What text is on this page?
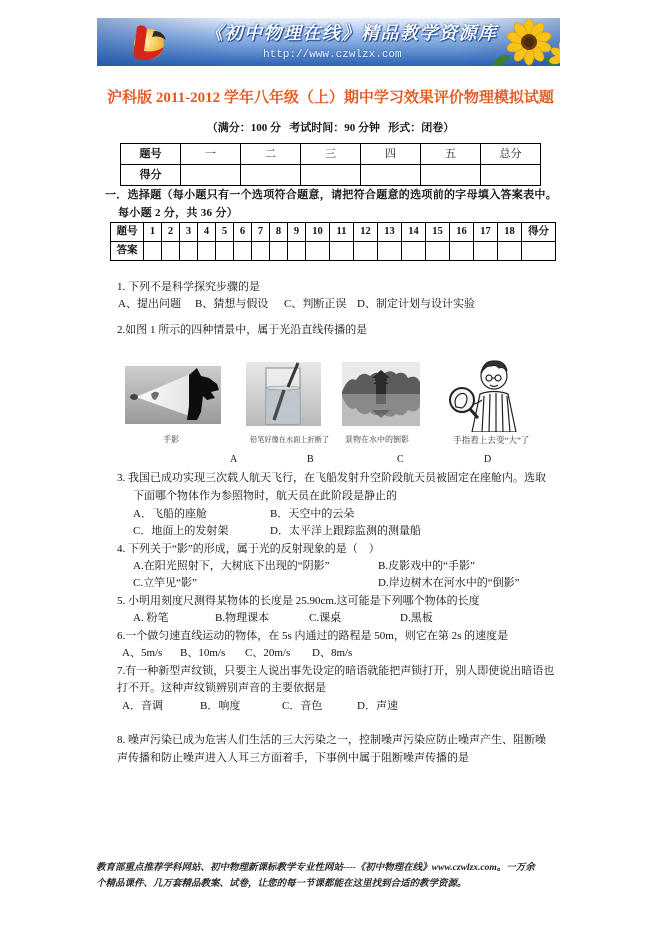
《初中物理在线》精品教学资源库
http://www.czwlzx.com
沪科版 2011-2012 学年八年级（上）期中学习效果评价物理模拟试题
（满分：100 分   考试时间：90 分钟   形式：闭卷）
题号	一	二	三	四	五	总分
得分						
一．选择题（每小题只有一个选项符合题意，请把符合题意的选项前的字母填入答案表中。
每小题 2 分，共 36 分）
题号	1	2	3	4	5	6	7	8	9	10	11	12	13	14	15	16	17	18	得分
答案																			
1. 下列不是科学探究步骤的是
A、提出问题 B、猜想与假设 C、判断正误 D、制定计划与设计实验
2.如图 1 所示的四种情景中，属于光沿直线传播的是
手影	铅笔好像在水面上折断了 景物在水中的倒影	手指看上去变“大”了
A	B	C	D
3. 我国已成功实现三次载人航天飞行，在飞船发射升空阶段航天员被固定在座舱内。选取
下面哪个物体作为参照物时，航天员在此阶段是静止的
A．飞船的座舱	B．天空中的云朵
C．地面上的发射架	D．太平洋上跟踪监测的测量船
4. 下列关于“影”的形成，属于光的反射现象的是（    ）
A.在阳光照射下，大树底下出现的“阴影”	B.皮影戏中的“手影”
C.立竿见“影”	D.岸边树木在河水中的“倒影”
5. 小明用刻度尺测得某物体的长度是 25.90cm.这可能是下列哪个物体的长度
A. 粉笔	B.物理课本	C.课桌	D.黑板
6.一个做匀速直线运动的物体，在 5s 内通过的路程是 50m，则它在第 2s 的速度是
A、5m/s B、10m/s C、20m/s D、8m/s
7.有一种新型声纹锁，只要主人说出事先设定的暗语就能把声锁打开，别人即使说出暗语也
打不开。这种声纹锁辨别声音的主要依据是
A．音调	B．响度	C．音色	D．声速
8. 噪声污染已成为危害人们生活的三大污染之一，控制噪声污染应防止噪声产生、阻断噪
声传播和防止噪声进入人耳三方面着手，下事例中属于阻断噪声传播的是
教育部重点推荐学科网站、初中物理新课标教学专业性网站----《初中物理在线》www.czwlzx.com。一万余
个精品课件、几万套精品教案、试卷，让您的每一节课都能在这里找到合适的教学资源。
